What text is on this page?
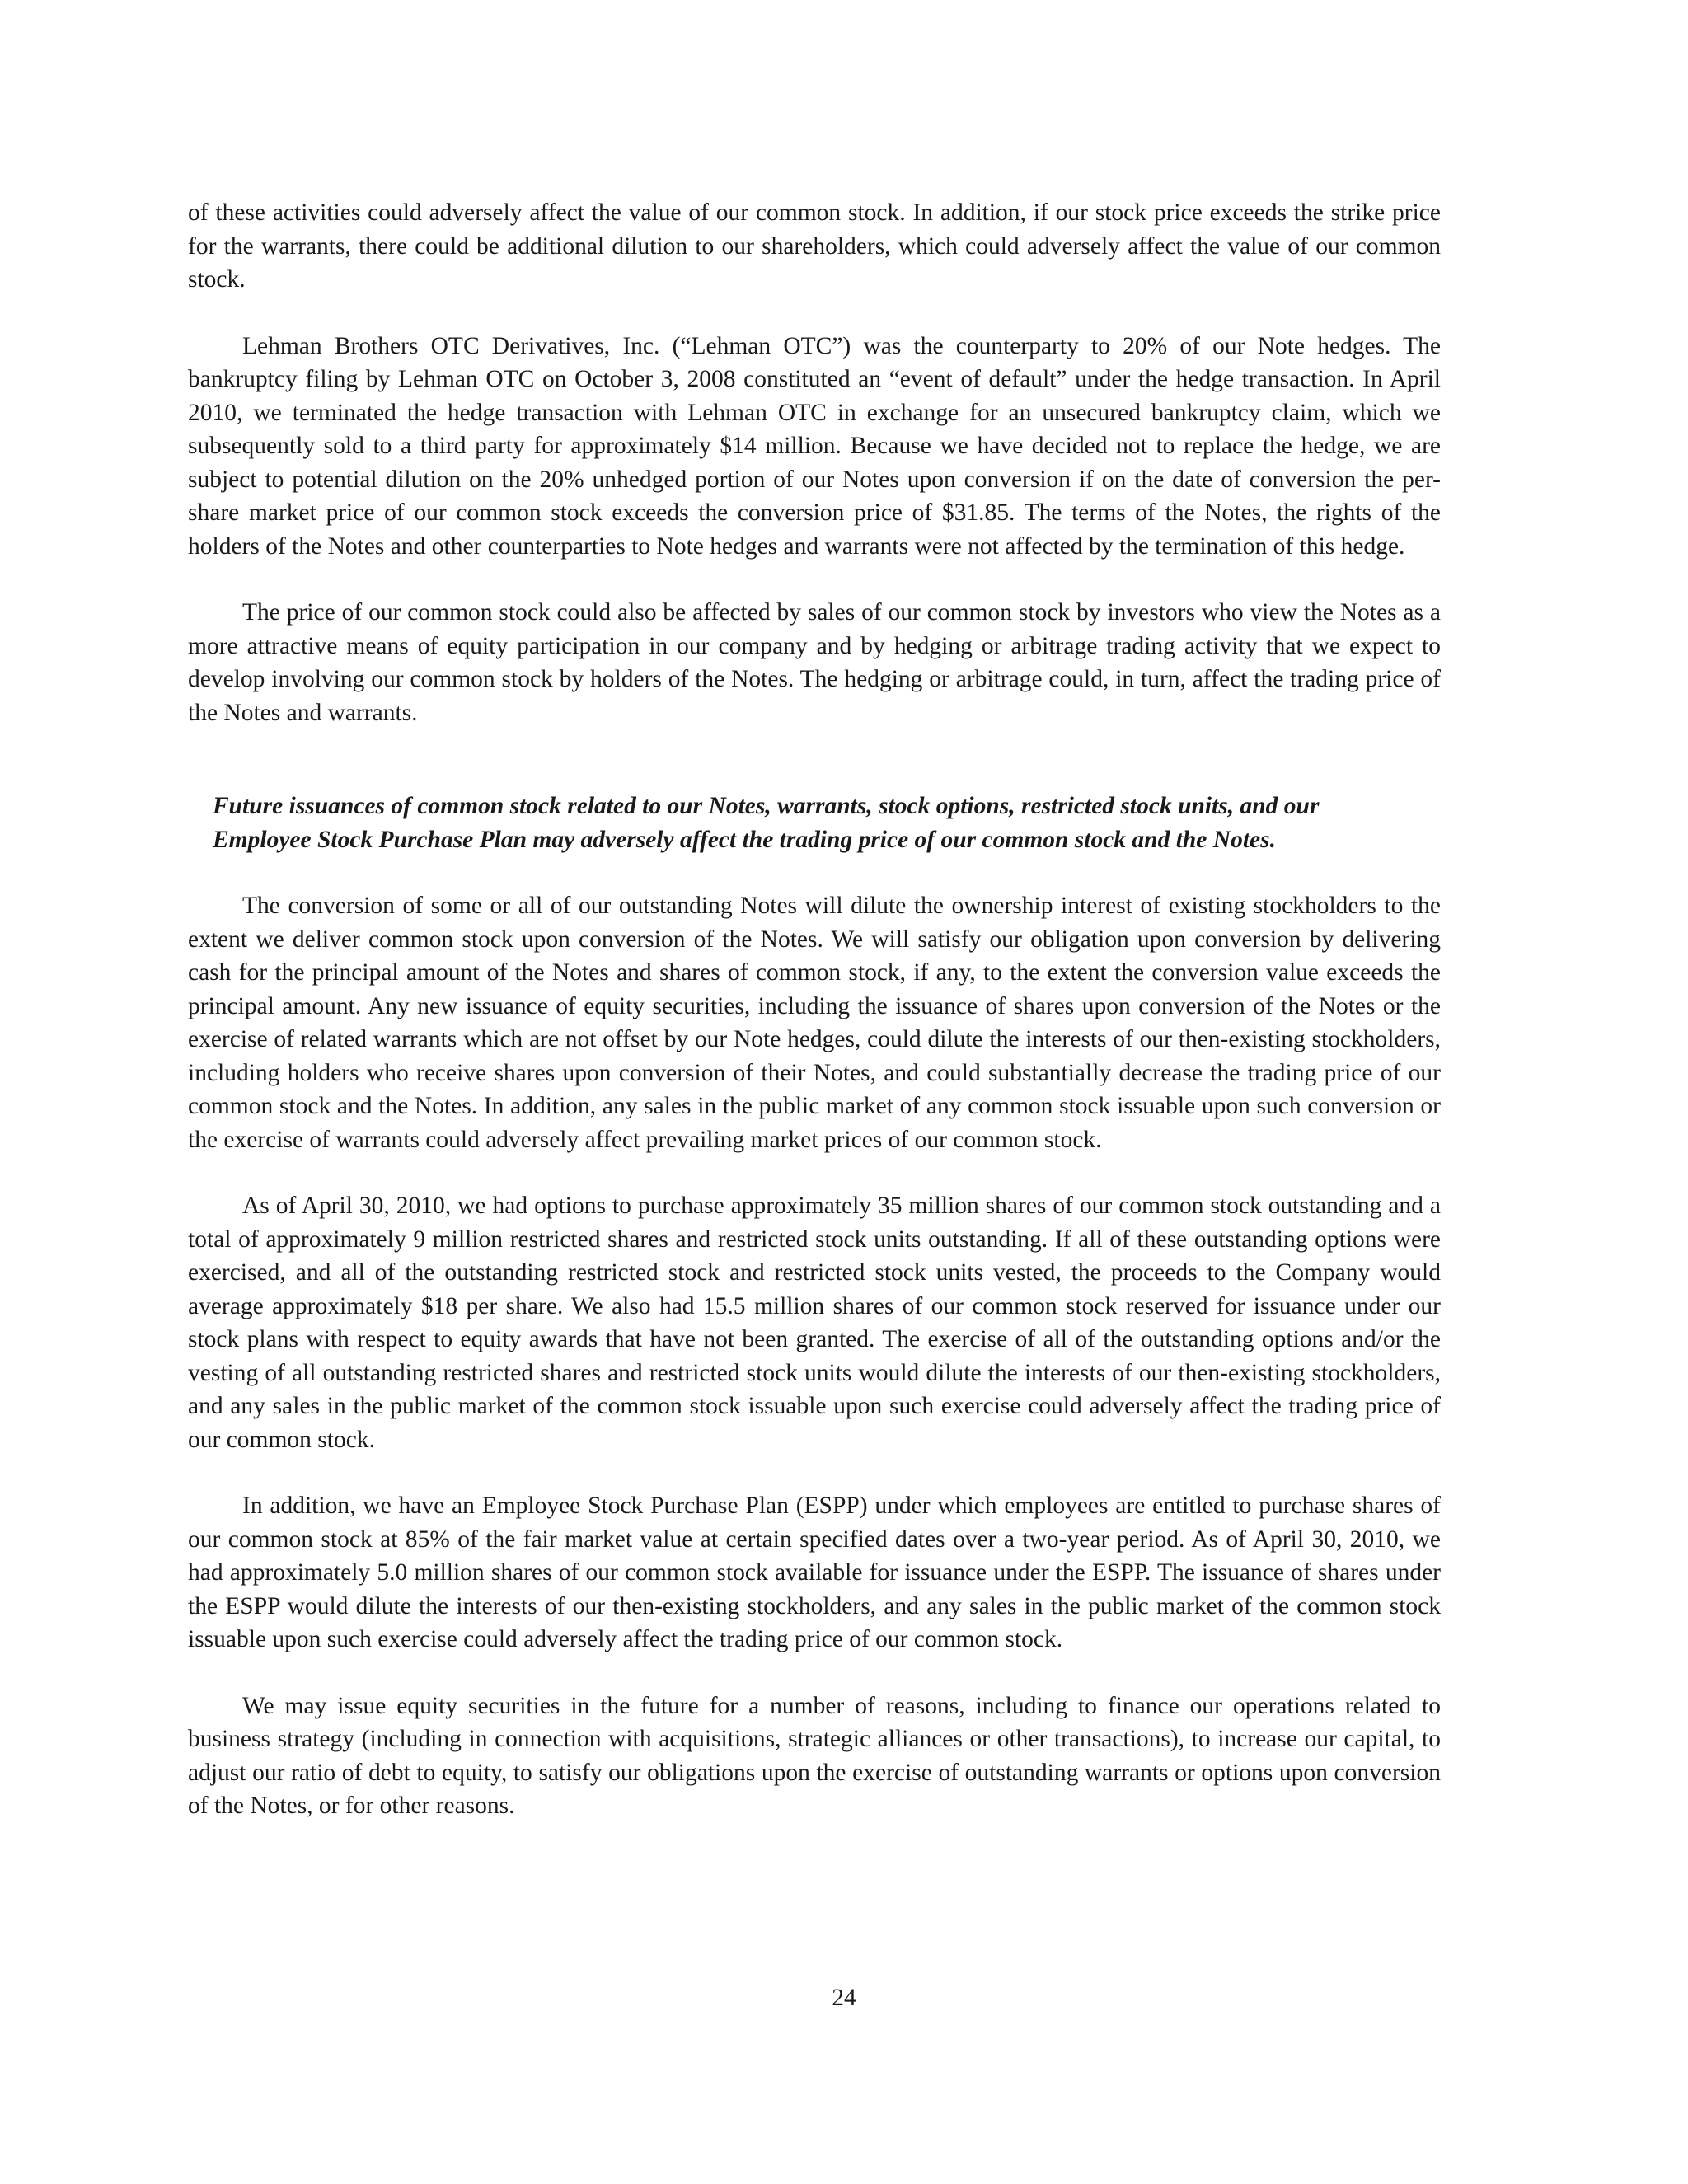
of these activities could adversely affect the value of our common stock. In addition, if our stock price exceeds the strike price for the warrants, there could be additional dilution to our shareholders, which could adversely affect the value of our common stock.

Lehman Brothers OTC Derivatives, Inc. (“Lehman OTC”) was the counterparty to 20% of our Note hedges. The bankruptcy filing by Lehman OTC on October 3, 2008 constituted an “event of default” under the hedge transaction. In April 2010, we terminated the hedge transaction with Lehman OTC in exchange for an unsecured bankruptcy claim, which we subsequently sold to a third party for approximately $14 million. Because we have decided not to replace the hedge, we are subject to potential dilution on the 20% unhedged portion of our Notes upon conversion if on the date of conversion the per-share market price of our common stock exceeds the conversion price of $31.85. The terms of the Notes, the rights of the holders of the Notes and other counterparties to Note hedges and warrants were not affected by the termination of this hedge.

The price of our common stock could also be affected by sales of our common stock by investors who view the Notes as a more attractive means of equity participation in our company and by hedging or arbitrage trading activity that we expect to develop involving our common stock by holders of the Notes. The hedging or arbitrage could, in turn, affect the trading price of the Notes and warrants.

Future issuances of common stock related to our Notes, warrants, stock options, restricted stock units, and our Employee Stock Purchase Plan may adversely affect the trading price of our common stock and the Notes.

The conversion of some or all of our outstanding Notes will dilute the ownership interest of existing stockholders to the extent we deliver common stock upon conversion of the Notes. We will satisfy our obligation upon conversion by delivering cash for the principal amount of the Notes and shares of common stock, if any, to the extent the conversion value exceeds the principal amount. Any new issuance of equity securities, including the issuance of shares upon conversion of the Notes or the exercise of related warrants which are not offset by our Note hedges, could dilute the interests of our then-existing stockholders, including holders who receive shares upon conversion of their Notes, and could substantially decrease the trading price of our common stock and the Notes. In addition, any sales in the public market of any common stock issuable upon such conversion or the exercise of warrants could adversely affect prevailing market prices of our common stock.

As of April 30, 2010, we had options to purchase approximately 35 million shares of our common stock outstanding and a total of approximately 9 million restricted shares and restricted stock units outstanding. If all of these outstanding options were exercised, and all of the outstanding restricted stock and restricted stock units vested, the proceeds to the Company would average approximately $18 per share. We also had 15.5 million shares of our common stock reserved for issuance under our stock plans with respect to equity awards that have not been granted. The exercise of all of the outstanding options and/or the vesting of all outstanding restricted shares and restricted stock units would dilute the interests of our then-existing stockholders, and any sales in the public market of the common stock issuable upon such exercise could adversely affect the trading price of our common stock.

In addition, we have an Employee Stock Purchase Plan (ESPP) under which employees are entitled to purchase shares of our common stock at 85% of the fair market value at certain specified dates over a two-year period. As of April 30, 2010, we had approximately 5.0 million shares of our common stock available for issuance under the ESPP. The issuance of shares under the ESPP would dilute the interests of our then-existing stockholders, and any sales in the public market of the common stock issuable upon such exercise could adversely affect the trading price of our common stock.

We may issue equity securities in the future for a number of reasons, including to finance our operations related to business strategy (including in connection with acquisitions, strategic alliances or other transactions), to increase our capital, to adjust our ratio of debt to equity, to satisfy our obligations upon the exercise of outstanding warrants or options upon conversion of the Notes, or for other reasons.

24
